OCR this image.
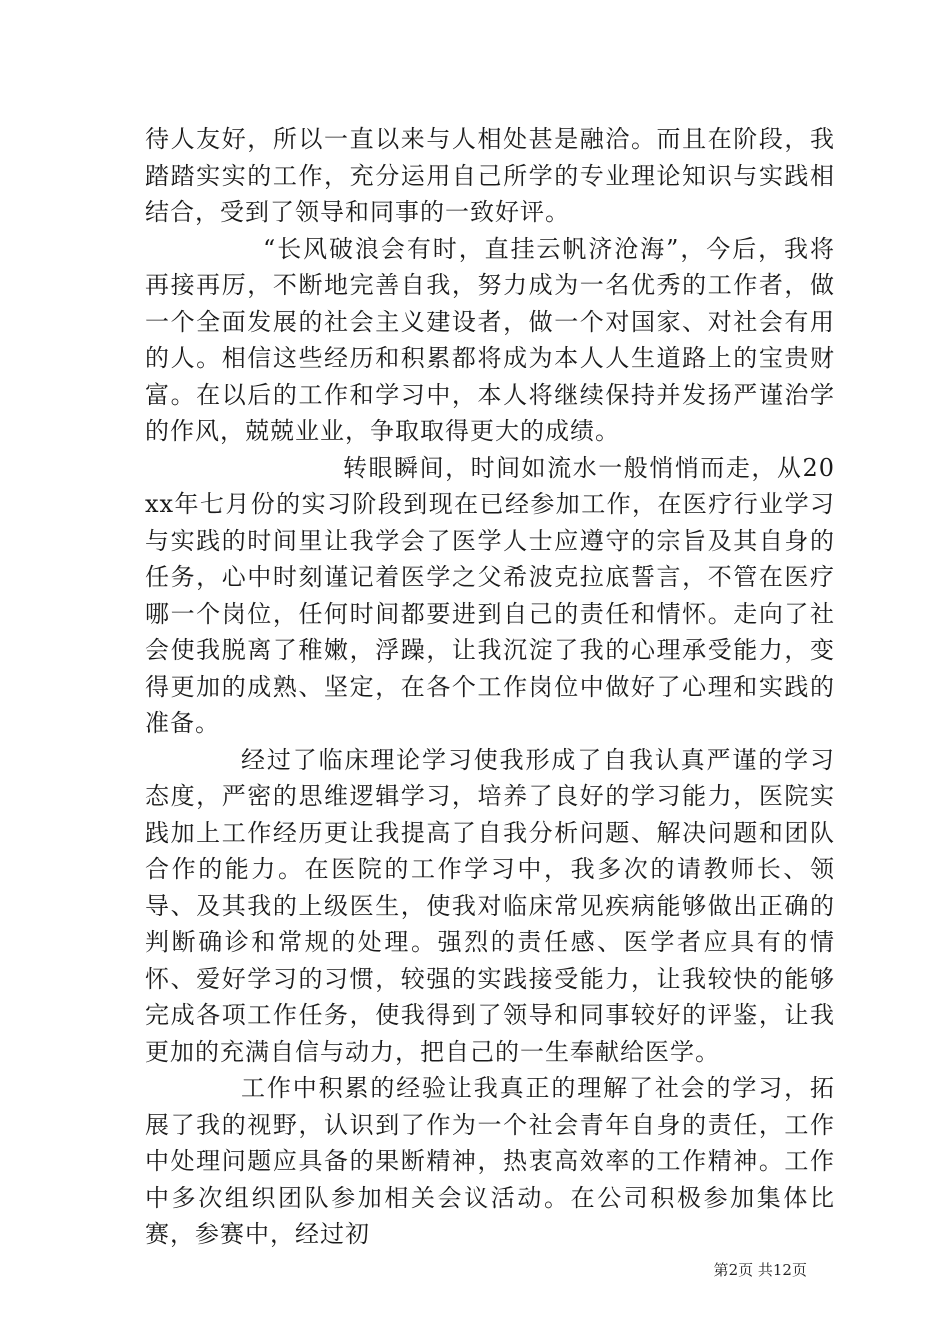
待人友好，所以一直以来与人相处甚是融洽。而且在阶段，我踏踏实实的工作，充分运用自己所学的专业理论知识与实践相结合，受到了领导和同事的一致好评。

“长风破浪会有时，直挂云帆济沧海”，今后，我将再接再厉，不断地完善自我，努力成为一名优秀的工作者，做一个全面发展的社会主义建设者，做一个对国家、对社会有用的人。相信这些经历和积累都将成为本人人生道路上的宝贵财富。在以后的工作和学习中，本人将继续保持并发扬严谨治学的作风，兢兢业业，争取取得更大的成绩。

转眼瞬间，时间如流水一般悄悄而走，从20xx年七月份的实习阶段到现在已经参加工作，在医疗行业学习与实践的时间里让我学会了医学人士应遵守的宗旨及其自身的任务，心中时刻谨记着医学之父希波克拉底誓言，不管在医疗哪一个岗位，任何时间都要进到自己的责任和情怀。走向了社会使我脱离了稚嫩，浮躁，让我沉淀了我的心理承受能力，变得更加的成熟、坚定，在各个工作岗位中做好了心理和实践的准备。

经过了临床理论学习使我形成了自我认真严谨的学习态度，严密的思维逻辑学习，培养了良好的学习能力，医院实践加上工作经历更让我提高了自我分析问题、解决问题和团队合作的能力。在医院的工作学习中，我多次的请教师长、领导、及其我的上级医生，使我对临床常见疾病能够做出正确的判断确诊和常规的处理。强烈的责任感、医学者应具有的情怀、爱好学习的习惯，较强的实践接受能力，让我较快的能够完成各项工作任务，使我得到了领导和同事较好的评鉴，让我更加的充满自信与动力，把自己的一生奉献给医学。

工作中积累的经验让我真正的理解了社会的学习，拓展了我的视野，认识到了作为一个社会青年自身的责任，工作中处理问题应具备的果断精神，热衷高效率的工作精神。工作中多次组织团队参加相关会议活动。在公司积极参加集体比赛，参赛中，经过初

第2页 共12页
